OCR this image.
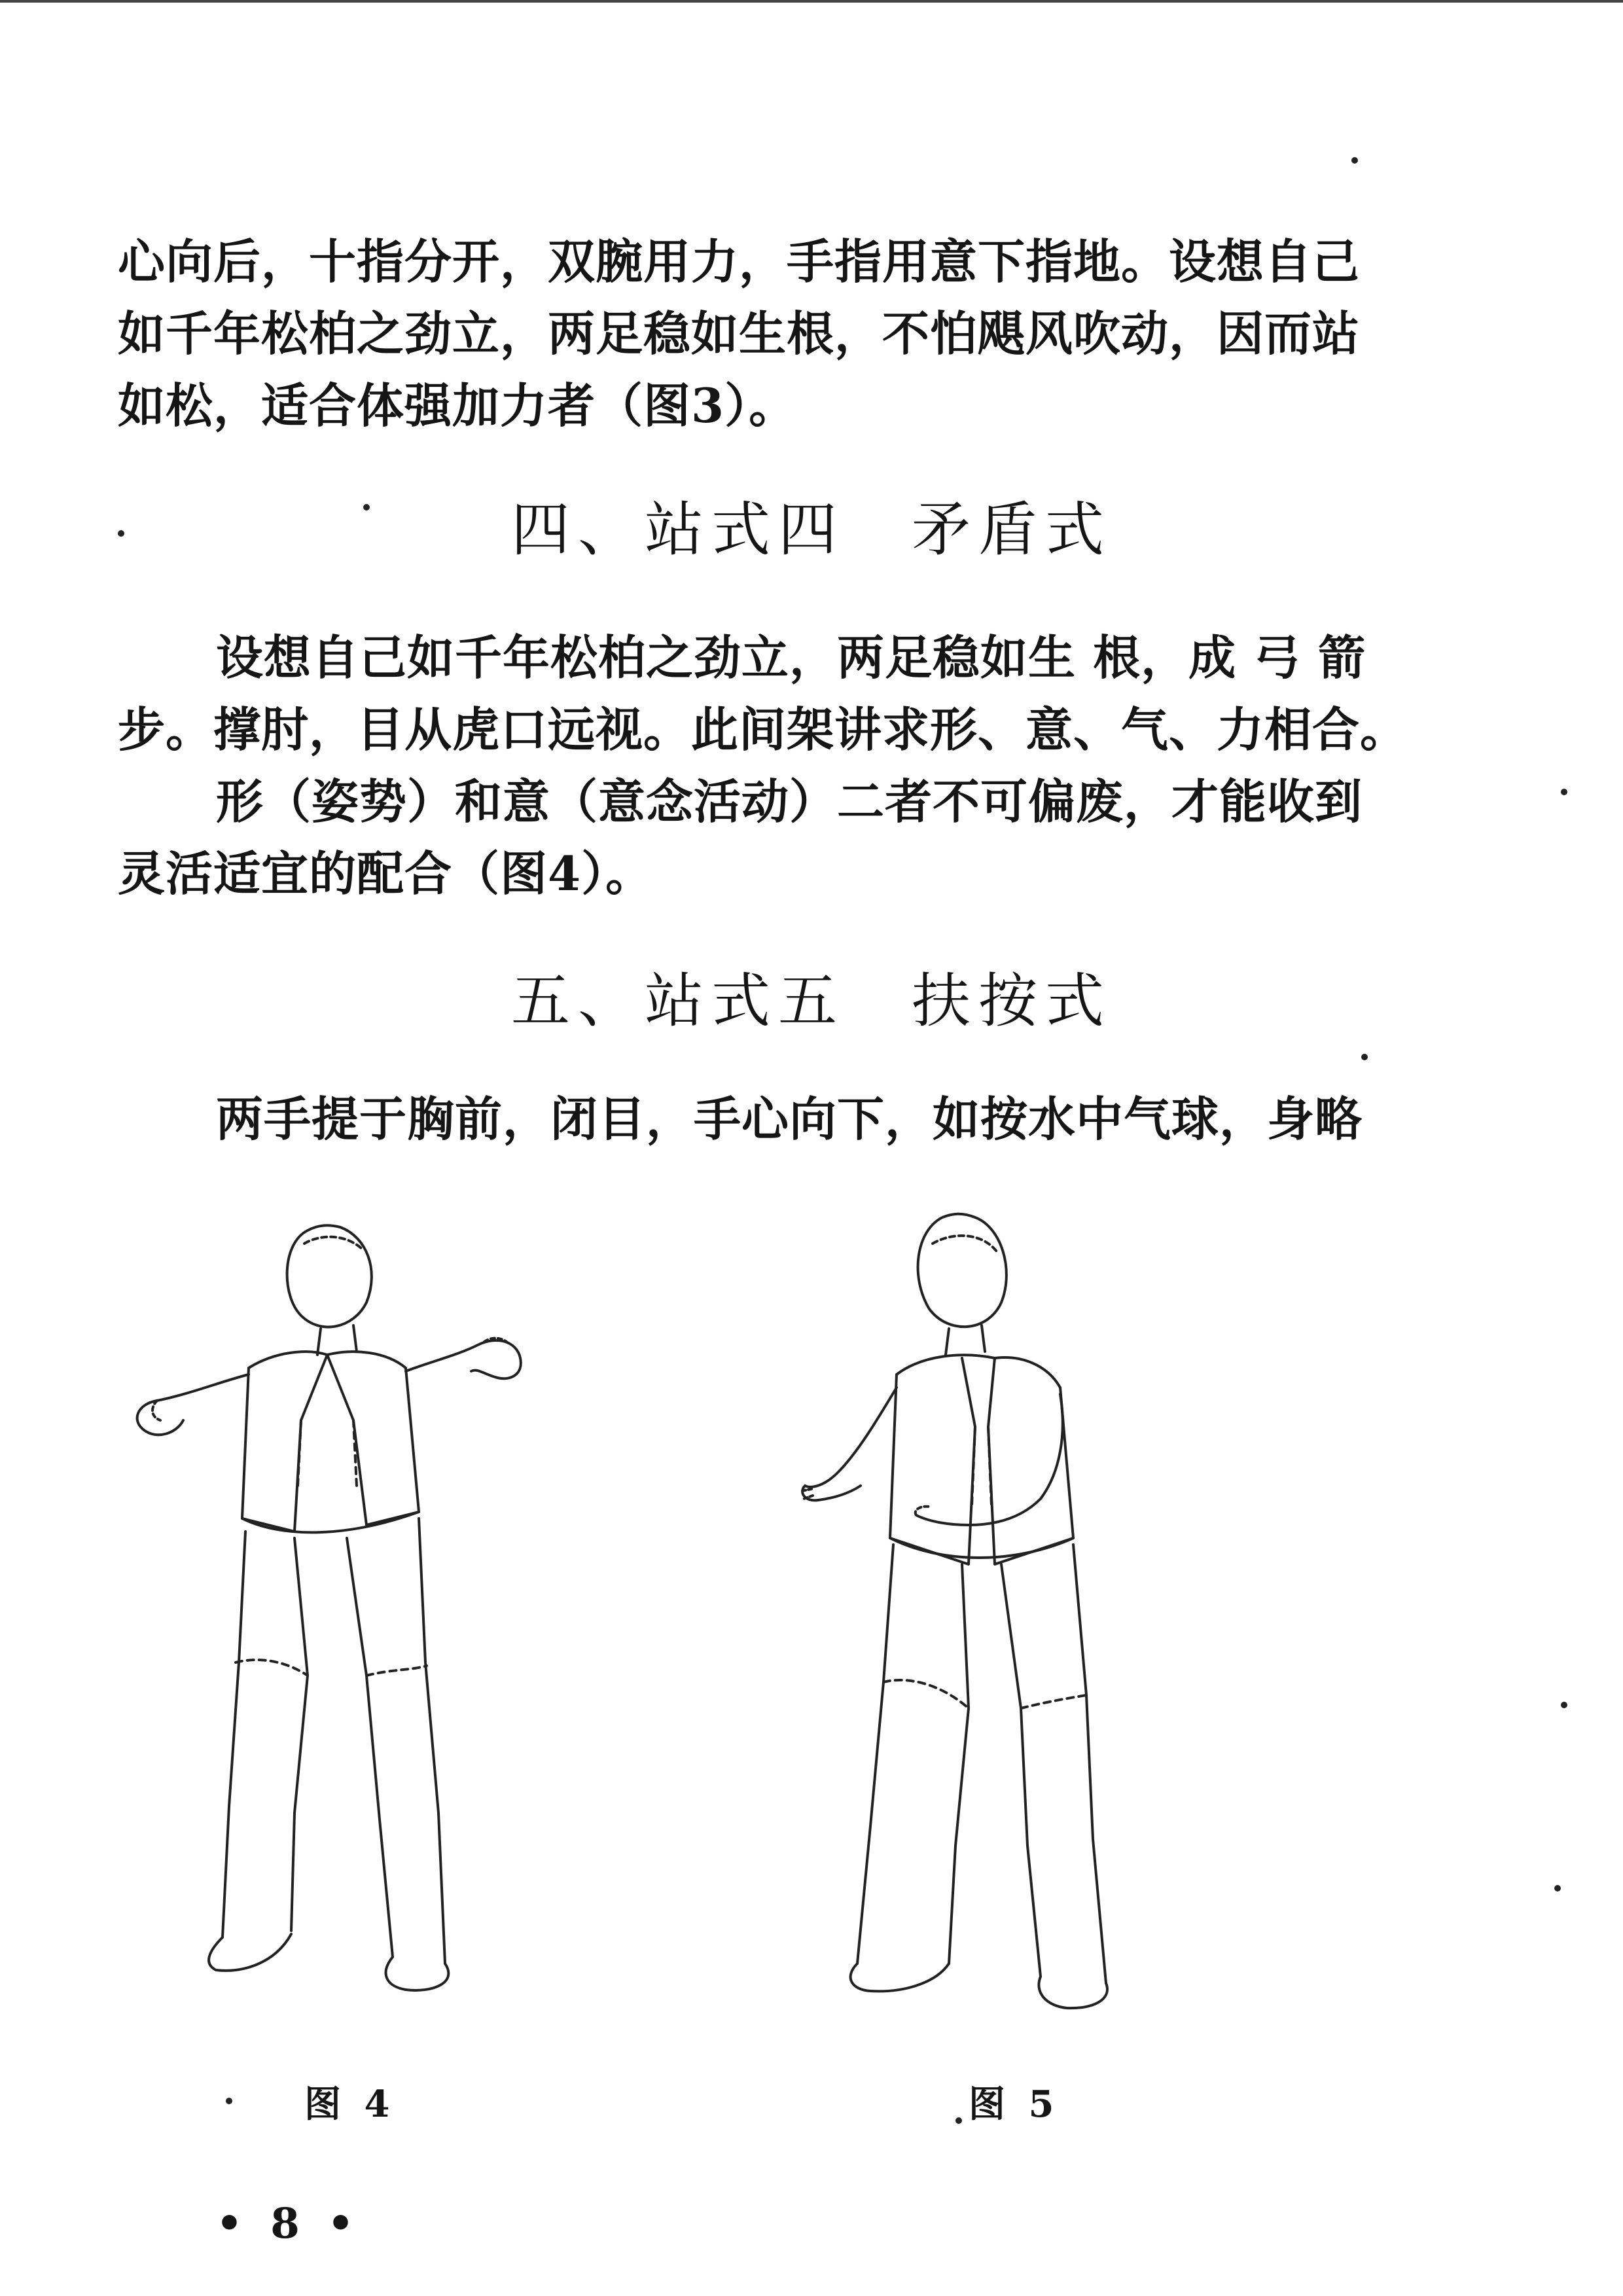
心向后，十指分开，双腕用力，手指用意下指地。设想自己
如千年松柏之劲立，两足稳如生根，不怕飓风吹动，因而站
如松，适合体强加力者（图3）。
四、站式四　矛盾式
设想自己如千年松柏之劲立，两足稳如生 根，成 弓 箭
步。撑肘，目从虎口远视。此间架讲求形、意、气、力相合。
形（姿势）和意（意念活动）二者不可偏废，才能收到
灵活适宜的配合（图4）。
五、站式五　扶按式
两手提于胸前，闭目，手心向下，如按水中气球，身略
图 4	图 5
• 8 •
